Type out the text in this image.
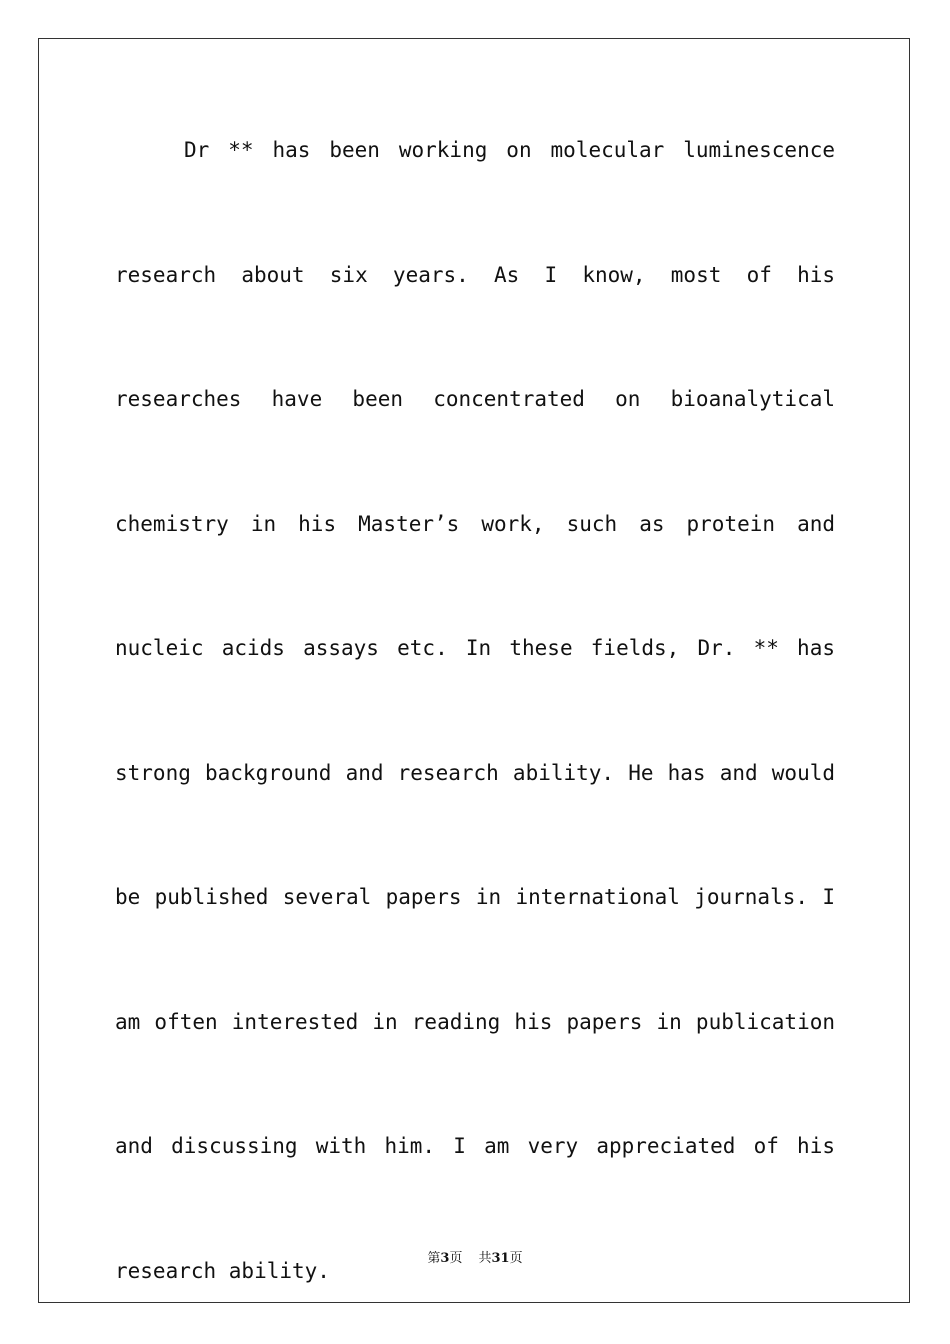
Dr ** has been working on molecular luminescence research about six years. As I know, most of his researches have been concentrated on bioanalytical chemistry in his Master’s work, such as protein and nucleic acids assays etc. In these fields, Dr. ** has strong background and research ability. He has and would be published several papers in international journals. I am often interested in reading his papers in publication and discussing with him. I am very appreciated of his research ability.	第3页 共31页
